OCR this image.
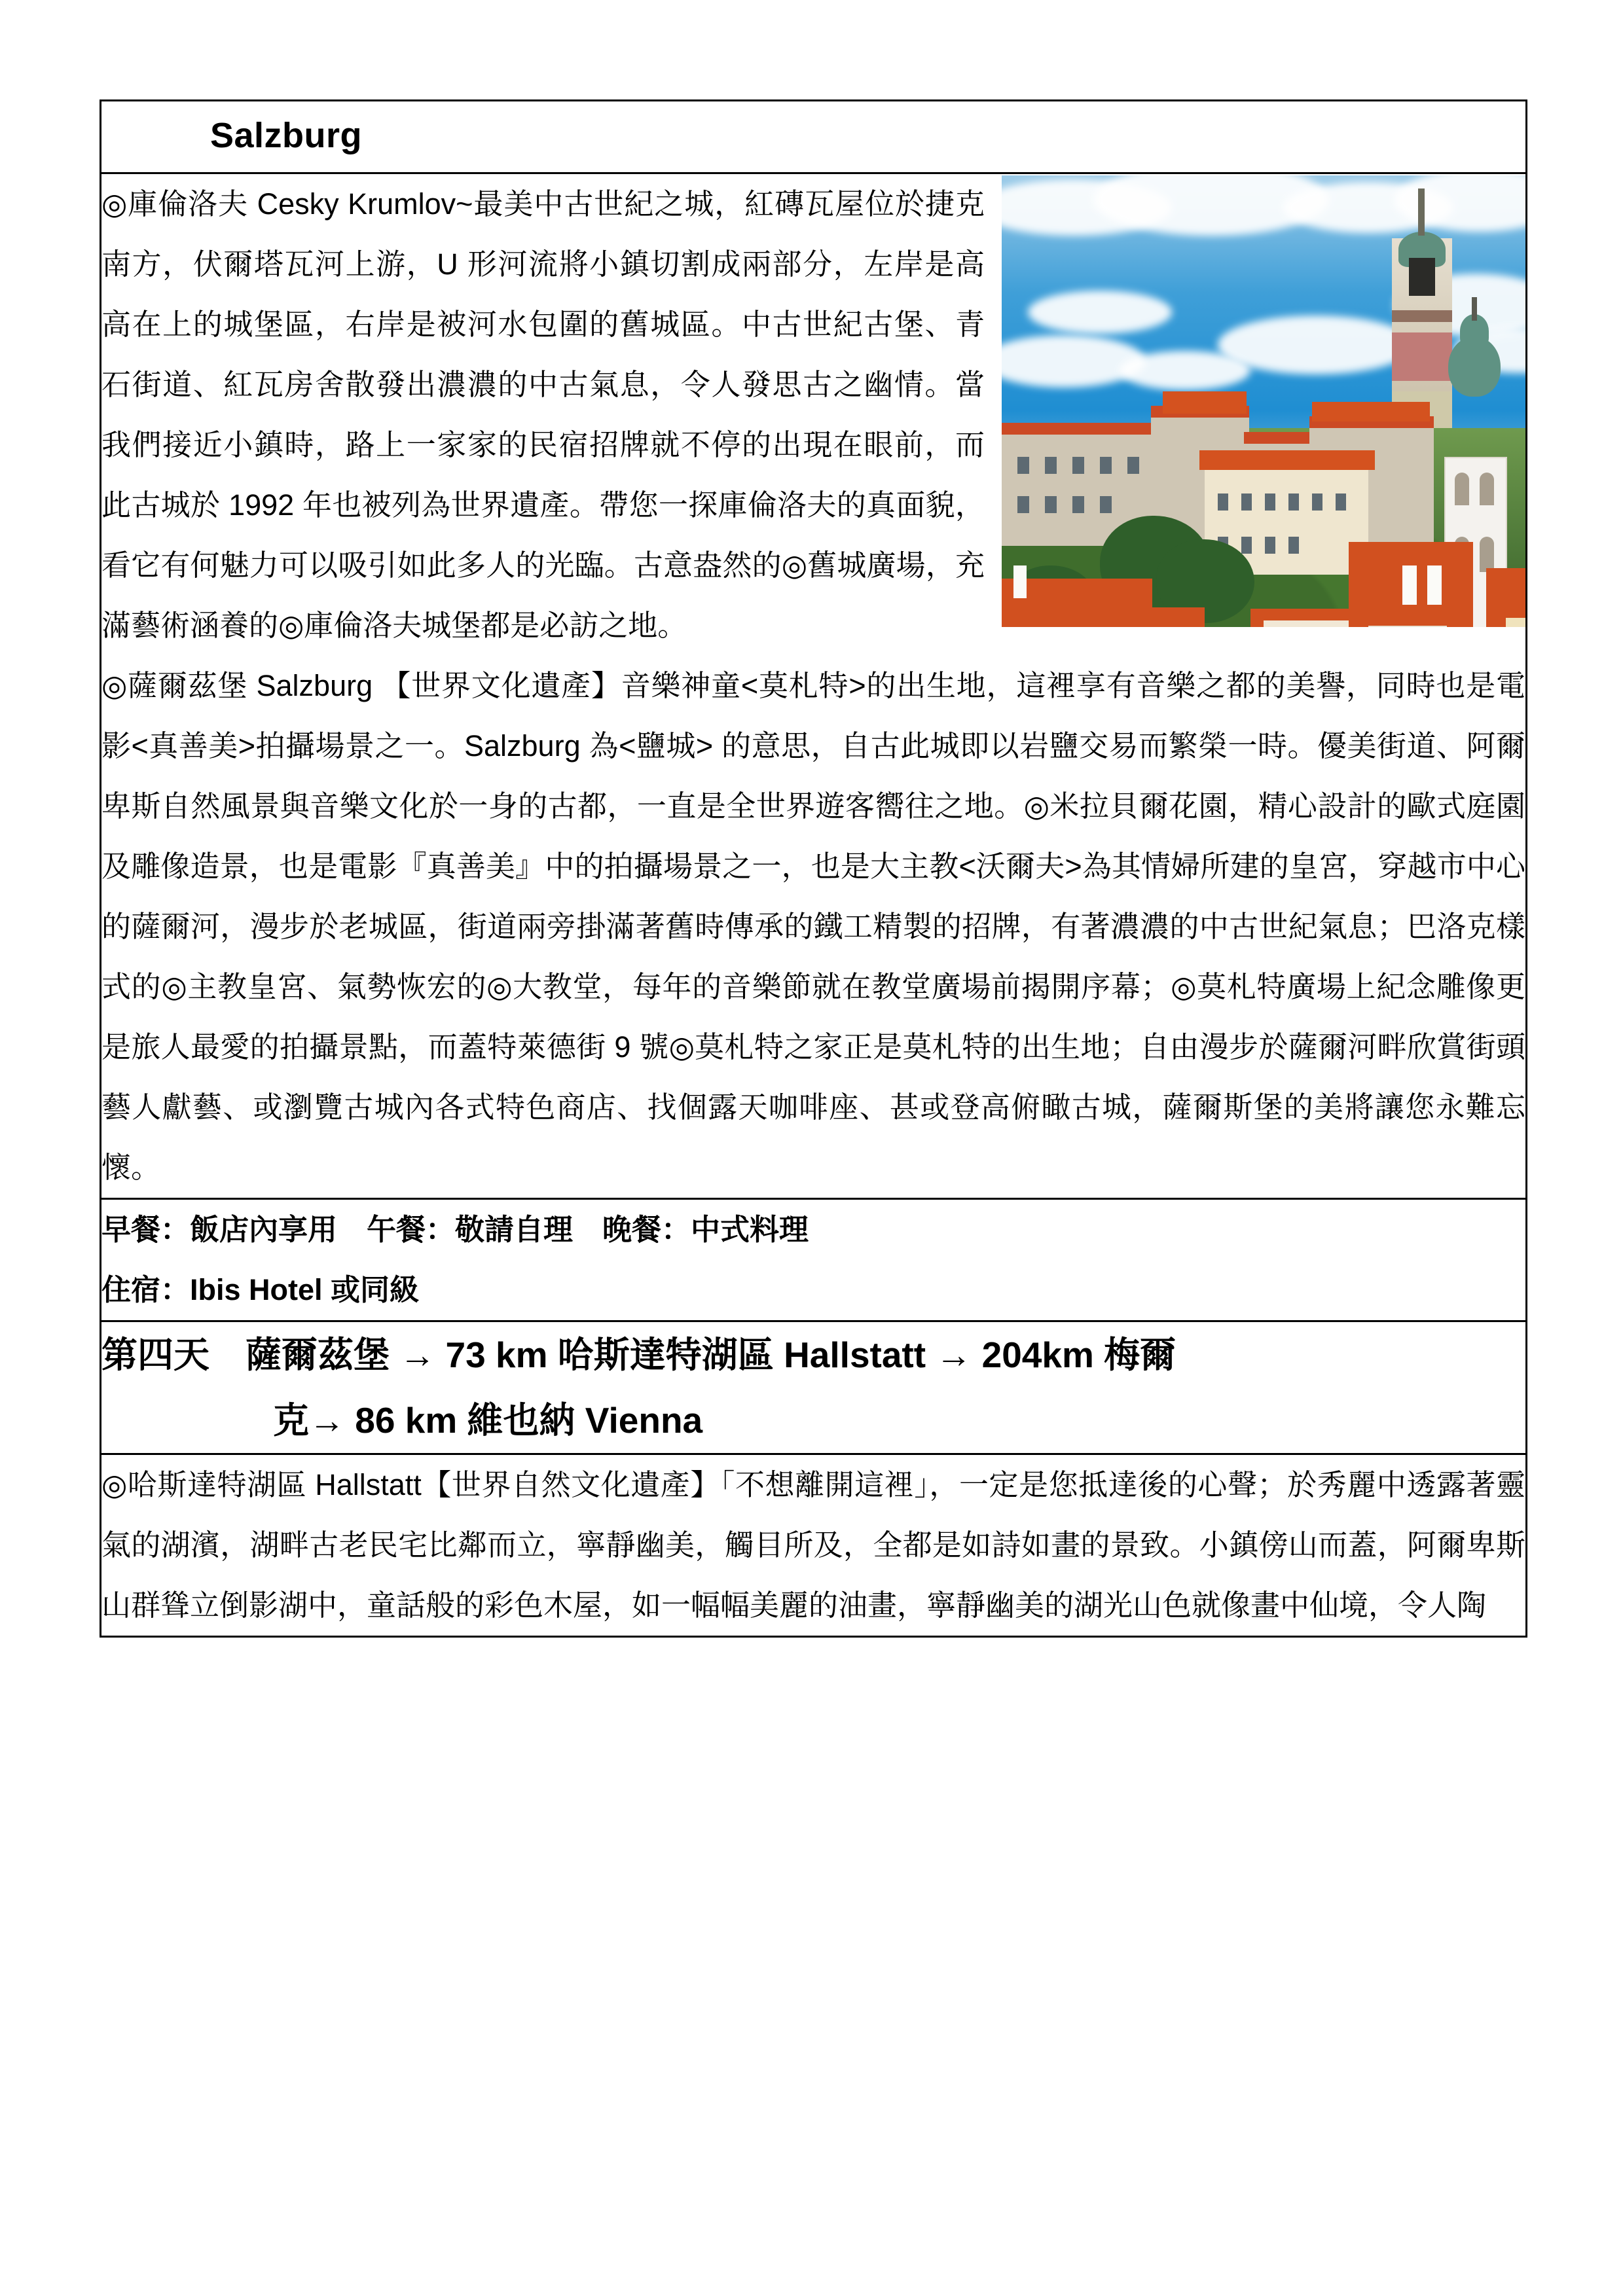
Salzburg

◎庫倫洛夫 Cesky Krumlov~最美中古世紀之城，紅磚瓦屋位於捷克南方，伏爾塔瓦河上游，U 形河流將小鎮切割成兩部分，左岸是高高在上的城堡區，右岸是被河水包圍的舊城區。中古世紀古堡、青石街道、紅瓦房舍散發出濃濃的中古氣息，令人發思古之幽情。當我們接近小鎮時，路上一家家的民宿招牌就不停的出現在眼前，而此古城於 1992 年也被列為世界遺產。帶您一探庫倫洛夫的真面貌，看它有何魅力可以吸引如此多人的光臨。古意盎然的◎舊城廣場，充滿藝術涵養的◎庫倫洛夫城堡都是必訪之地。

◎薩爾茲堡 Salzburg 【世界文化遺產】音樂神童<莫札特>的出生地，這裡享有音樂之都的美譽，同時也是電影<真善美>拍攝場景之一。Salzburg 為<鹽城> 的意思，自古此城即以岩鹽交易而繁榮一時。優美街道、阿爾卑斯自然風景與音樂文化於一身的古都，一直是全世界遊客嚮往之地。◎米拉貝爾花園，精心設計的歐式庭園及雕像造景，也是電影『真善美』中的拍攝場景之一，也是大主教<沃爾夫>為其情婦所建的皇宮，穿越市中心的薩爾河，漫步於老城區，街道兩旁掛滿著舊時傳承的鐵工精製的招牌，有著濃濃的中古世紀氣息；巴洛克樣式的◎主教皇宮、氣勢恢宏的◎大教堂，每年的音樂節就在教堂廣場前揭開序幕；◎莫札特廣場上紀念雕像更是旅人最愛的拍攝景點，而蓋特萊德街 9 號◎莫札特之家正是莫札特的出生地；自由漫步於薩爾河畔欣賞街頭藝人獻藝、或瀏覽古城內各式特色商店、找個露天咖啡座、甚或登高俯瞰古城，薩爾斯堡的美將讓您永難忘懷。

早餐：飯店內享用　午餐：敬請自理　晚餐：中式料理
住宿：Ibis Hotel 或同級

第四天　薩爾茲堡 → 73 km 哈斯達特湖區 Hallstatt → 204km 梅爾
克→ 86 km 維也納 Vienna

◎哈斯達特湖區 Hallstatt【世界自然文化遺產】「不想離開這裡」，一定是您抵達後的心聲；於秀麗中透露著靈氣的湖濱，湖畔古老民宅比鄰而立，寧靜幽美，觸目所及，全都是如詩如畫的景致。小鎮傍山而蓋，阿爾卑斯山群聳立倒影湖中，童話般的彩色木屋，如一幅幅美麗的油畫，寧靜幽美的湖光山色就像畫中仙境，令人陶
